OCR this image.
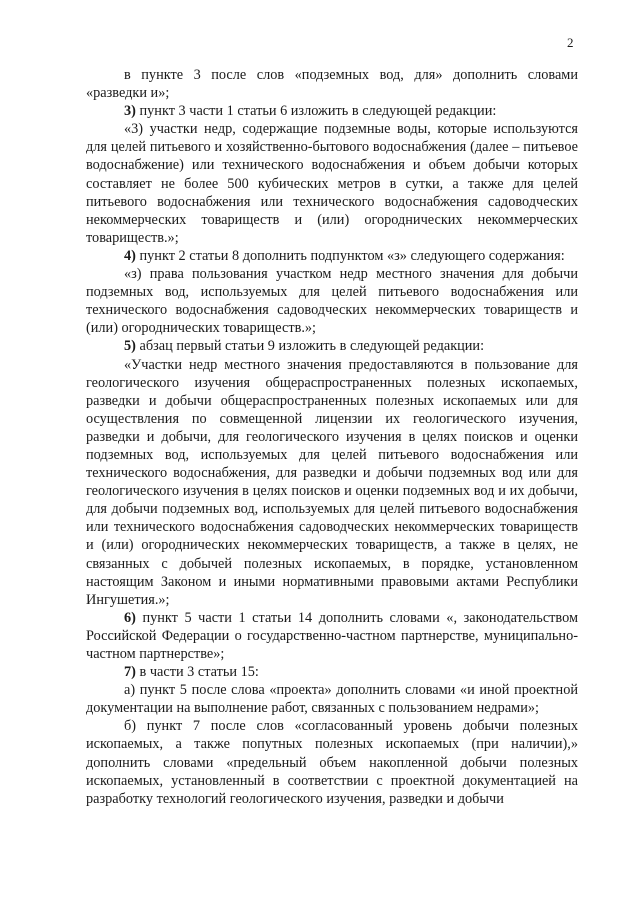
2

в пункте 3 после слов «подземных вод, для» дополнить словами «разведки и»;

3) пункт 3 части 1 статьи 6 изложить в следующей редакции:

«3) участки недр, содержащие подземные воды, которые используются для целей питьевого и хозяйственно-бытового водоснабжения (далее – питьевое водоснабжение) или технического водоснабжения и объем добычи которых составляет не более 500 кубических метров в сутки, а также для целей питьевого водоснабжения или технического водоснабжения садоводческих некоммерческих товариществ и (или) огороднических некоммерческих товариществ.»;

4) пункт 2 статьи 8 дополнить подпунктом «з» следующего содержания:

«з) права пользования участком недр местного значения для добычи подземных вод, используемых для целей питьевого водоснабжения или технического водоснабжения садоводческих некоммерческих товариществ и (или) огороднических товариществ.»;

5) абзац первый статьи 9 изложить в следующей редакции:

«Участки недр местного значения предоставляются в пользование для геологического изучения общераспространенных полезных ископаемых, разведки и добычи общераспространенных полезных ископаемых или для осуществления по совмещенной лицензии их геологического изучения, разведки и добычи, для геологического изучения в целях поисков и оценки подземных вод, используемых для целей питьевого водоснабжения или технического водоснабжения, для разведки и добычи подземных вод или для геологического изучения в целях поисков и оценки подземных вод и их добычи, для добычи подземных вод, используемых для целей питьевого водоснабжения или технического водоснабжения садоводческих некоммерческих товариществ и (или) огороднических некоммерческих товариществ, а также в целях, не связанных с добычей полезных ископаемых, в порядке, установленном настоящим Законом и иными нормативными правовыми актами Республики Ингушетия.»;

6) пункт 5 части 1 статьи 14 дополнить словами «, законодательством Российской Федерации о государственно-частном партнерстве, муниципально-частном партнерстве»;

7) в части 3 статьи 15:

а) пункт 5 после слова «проекта» дополнить словами «и иной проектной документации на выполнение работ, связанных с пользованием недрами»;

б) пункт 7 после слов «согласованный уровень добычи полезных ископаемых, а также попутных полезных ископаемых (при наличии),» дополнить словами «предельный объем накопленной добычи полезных ископаемых, установленный в соответствии с проектной документацией на разработку технологий геологического изучения, разведки и добычи
